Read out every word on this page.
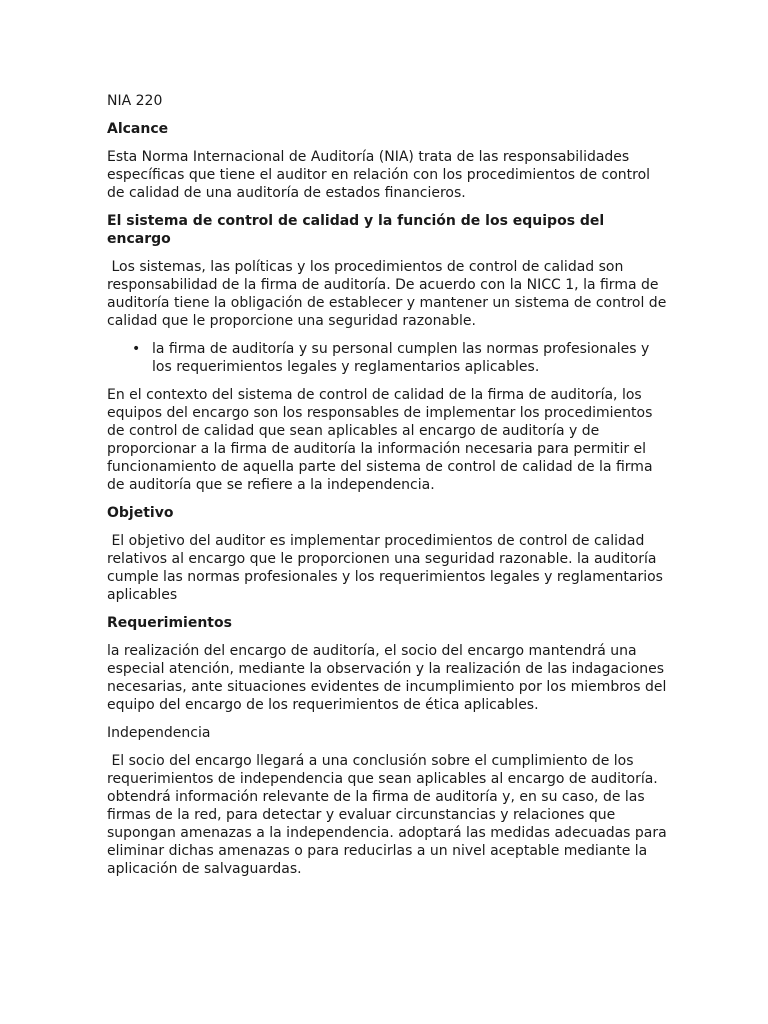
NIA 220

Alcance

Esta Norma Internacional de Auditoría (NIA) trata de las responsabilidades específicas que tiene el auditor en relación con los procedimientos de control de calidad de una auditoría de estados financieros.

El sistema de control de calidad y la función de los equipos del encargo

Los sistemas, las políticas y los procedimientos de control de calidad son responsabilidad de la firma de auditoría. De acuerdo con la NICC 1, la firma de auditoría tiene la obligación de establecer y mantener un sistema de control de calidad que le proporcione una seguridad razonable.

• la firma de auditoría y su personal cumplen las normas profesionales y los requerimientos legales y reglamentarios aplicables.

En el contexto del sistema de control de calidad de la firma de auditoría, los equipos del encargo son los responsables de implementar los procedimientos de control de calidad que sean aplicables al encargo de auditoría y de proporcionar a la firma de auditoría la información necesaria para permitir el funcionamiento de aquella parte del sistema de control de calidad de la firma de auditoría que se refiere a la independencia.

Objetivo

El objetivo del auditor es implementar procedimientos de control de calidad relativos al encargo que le proporcionen una seguridad razonable. la auditoría cumple las normas profesionales y los requerimientos legales y reglamentarios aplicables

Requerimientos

la realización del encargo de auditoría, el socio del encargo mantendrá una especial atención, mediante la observación y la realización de las indagaciones necesarias, ante situaciones evidentes de incumplimiento por los miembros del equipo del encargo de los requerimientos de ética aplicables.

Independencia

El socio del encargo llegará a una conclusión sobre el cumplimiento de los requerimientos de independencia que sean aplicables al encargo de auditoría. obtendrá información relevante de la firma de auditoría y, en su caso, de las firmas de la red, para detectar y evaluar circunstancias y relaciones que supongan amenazas a la independencia. adoptará las medidas adecuadas para eliminar dichas amenazas o para reducirlas a un nivel aceptable mediante la aplicación de salvaguardas.
